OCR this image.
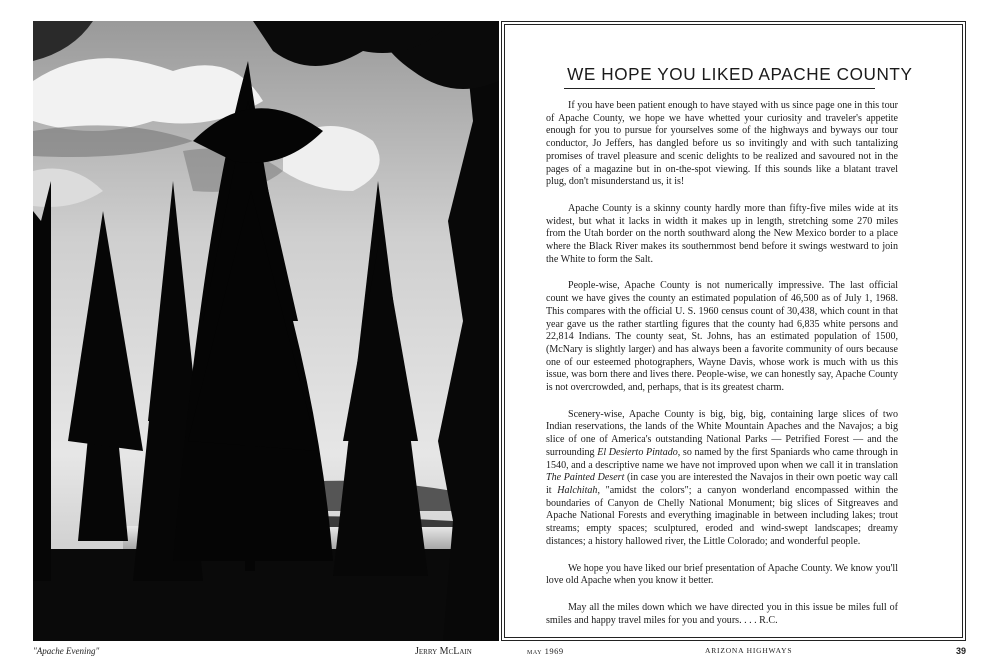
WE HOPE YOU LIKED APACHE COUNTY

If you have been patient enough to have stayed with us since page one in this tour of Apache County, we hope we have whetted your curiosity and traveler's appetite enough for you to pursue for yourselves some of the highways and byways our tour conductor, Jo Jeffers, has dangled before us so invitingly and with such tantalizing promises of travel pleasure and scenic delights to be realized and savoured not in the pages of a magazine but in on-the-spot viewing. If this sounds like a blatant travel plug, don't misunderstand us, it is!

Apache County is a skinny county hardly more than fifty-five miles wide at its widest, but what it lacks in width it makes up in length, stretching some 270 miles from the Utah border on the north southward along the New Mexico border to a place where the Black River makes its southernmost bend before it swings westward to join the White to form the Salt.

People-wise, Apache County is not numerically impressive. The last official count we have gives the county an estimated population of 46,500 as of July 1, 1968. This compares with the official U. S. 1960 census count of 30,438, which count in that year gave us the rather startling figures that the county had 6,835 white persons and 22,814 Indians. The county seat, St. Johns, has an estimated population of 1500, (McNary is slightly larger) and has always been a favorite community of ours because one of our esteemed photographers, Wayne Davis, whose work is much with us this issue, was born there and lives there. People-wise, we can honestly say, Apache County is not overcrowded, and, perhaps, that is its greatest charm.

Scenery-wise, Apache County is big, big, big, containing large slices of two Indian reservations, the lands of the White Mountain Apaches and the Navajos; a big slice of one of America's outstanding National Parks — Petrified Forest — and the surrounding El Desierto Pintado, so named by the first Spaniards who came through in 1540, and a descriptive name we have not improved upon when we call it in translation The Painted Desert (in case you are interested the Navajos in their own poetic way call it Halchitah, "amidst the colors"; a canyon wonderland encompassed within the boundaries of Canyon de Chelly National Monument; big slices of Sitgreaves and Apache National Forests and everything imaginable in between including lakes; trout streams; empty spaces; sculptured, eroded and wind-swept landscapes; dreamy distances; a history hallowed river, the Little Colorado; and wonderful people.

We hope you have liked our brief presentation of Apache County. We know you'll love old Apache when you know it better.

May all the miles down which we have directed you in this issue be miles full of smiles and happy travel miles for you and yours. . . . R.C.

"Apache Evening"	Jerry McLain	may 1969	ARIZONA HIGHWAYS	39
